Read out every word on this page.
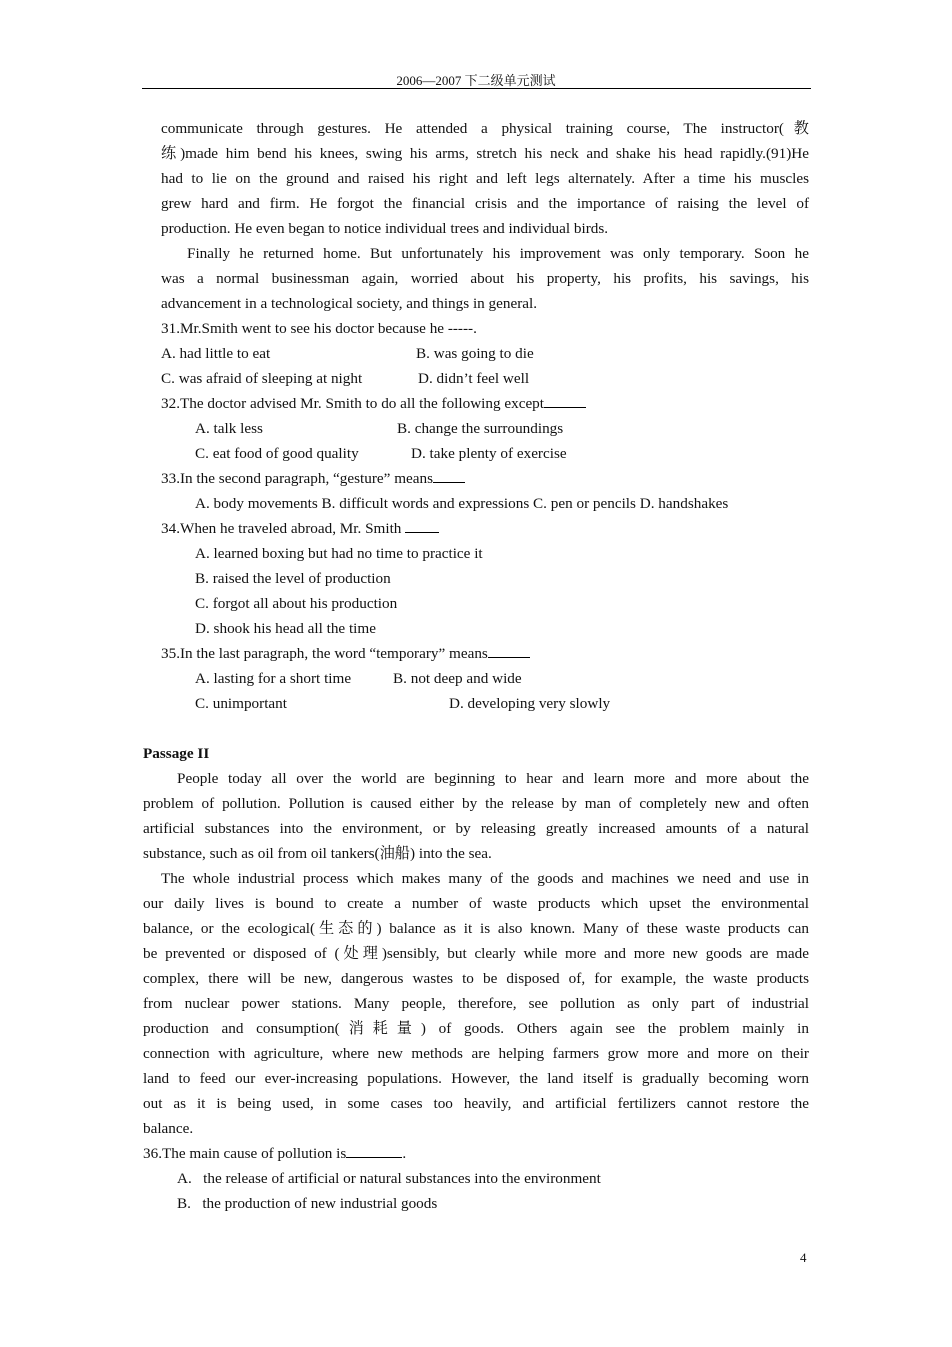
2006—2007 下二级单元测试
communicate through gestures. He attended a physical training course, The instructor(教
练)made him bend his knees, swing his arms, stretch his neck and shake his head rapidly.(91)He
had to lie on the ground and raised his right and left legs alternately. After a time his muscles
grew hard and firm. He forgot the financial crisis and the importance of raising the level of
production. He even began to notice individual trees and individual birds.
Finally he returned home. But unfortunately his improvement was only temporary. Soon he
was a normal businessman again, worried about his property, his profits, his savings, his
advancement in a technological society, and things in general.
31.Mr.Smith went to see his doctor because he -----.
A. had little to eat	B. was going to die
C. was afraid of sleeping at night	D. didn’t feel well
32.The doctor advised Mr. Smith to do all the following except
A. talk less	B. change the surroundings
C. eat food of good quality	D. take plenty of exercise
33.In the second paragraph, “gesture” means
A. body movements B. difficult words and expressions C. pen or pencils D. handshakes
34.When he traveled abroad, Mr. Smith
A. learned boxing but had no time to practice it
B. raised the level of production
C. forgot all about his production
D. shook his head all the time
35.In the last paragraph, the word “temporary” means
A. lasting for a short time	B. not deep and wide
C. unimportant	D. developing very slowly
Passage II
People today all over the world are beginning to hear and learn more and more about the
problem of pollution. Pollution is caused either by the release by man of completely new and often
artificial substances into the environment, or by releasing greatly increased amounts of a natural
substance, such as oil from oil tankers(油船) into the sea.
The whole industrial process which makes many of the goods and machines we need and use in
our daily lives is bound to create a number of waste products which upset the environmental
balance, or the ecological(生态的) balance as it is also known. Many of these waste products can
be prevented or disposed of (处理)sensibly, but clearly while more and more new goods are made
complex, there will be new, dangerous wastes to be disposed of, for example, the waste products
from nuclear power stations. Many people, therefore, see pollution as only part of industrial
production and consumption(消耗量) of goods. Others again see the problem mainly in
connection with agriculture, where new methods are helping farmers grow more and more on their
land to feed our ever-increasing populations. However, the land itself is gradually becoming worn
out as it is being used, in some cases too heavily, and artificial fertilizers cannot restore the
balance.
36.The main cause of pollution is	.
A.   the release of artificial or natural substances into the environment
B.   the production of new industrial goods
4
